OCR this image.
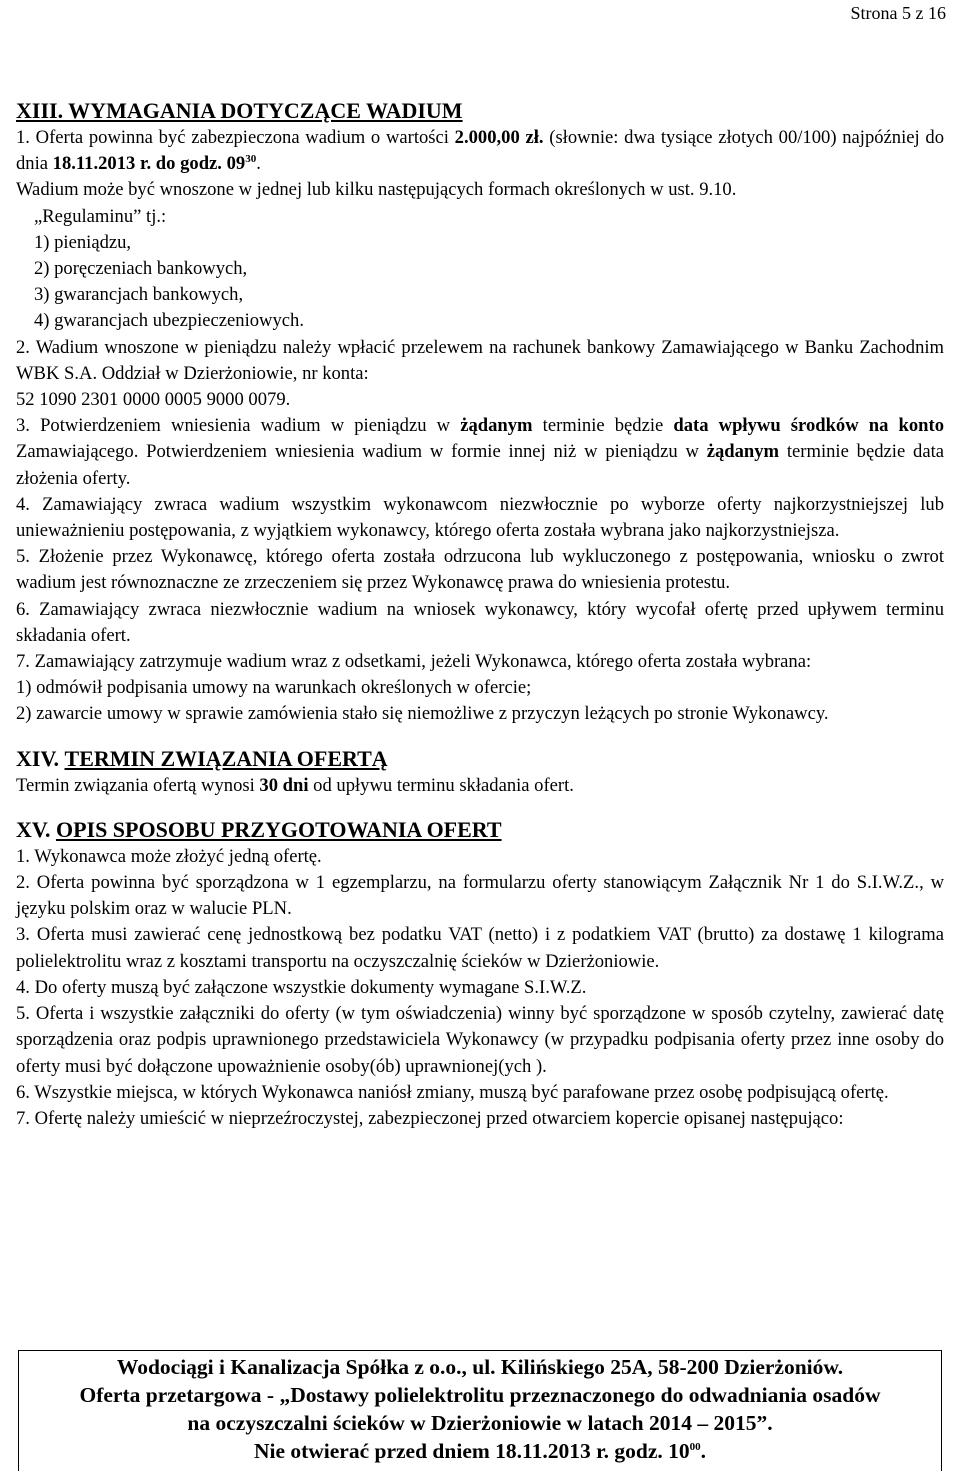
Strona 5 z 16

XIII. WYMAGANIA DOTYCZĄCE WADIUM

1. Oferta powinna być zabezpieczona wadium o wartości 2.000,00 zł. (słownie: dwa tysiące złotych 00/100) najpóźniej do dnia 18.11.2013 r. do godz. $09^{30}$.

Wadium może być wnoszone w jednej lub kilku następujących formach określonych w ust. 9.10.

„Regulaminu” tj.:

1) pieniądzu,

2) poręczeniach bankowych,

3) gwarancjach bankowych,

4) gwarancjach ubezpieczeniowych.

2. Wadium wnoszone w pieniądzu należy wpłacić przelewem na rachunek bankowy Zamawiającego w Banku Zachodnim WBK S.A. Oddział w Dzierżoniowie, nr konta:

52 1090 2301 0000 0005 9000 0079.

3. Potwierdzeniem wniesienia wadium w pieniądzu w żądanym terminie będzie data wpływu środków na konto Zamawiającego. Potwierdzeniem wniesienia wadium w formie innej niż w pieniądzu w żądanym terminie będzie data złożenia oferty.

4. Zamawiający zwraca wadium wszystkim wykonawcom niezwłocznie po wyborze oferty najkorzystniejszej lub unieważnieniu postępowania, z wyjątkiem wykonawcy, którego oferta została wybrana jako najkorzystniejsza.

5. Złożenie przez Wykonawcę, którego oferta została odrzucona lub wykluczonego z postępowania, wniosku o zwrot wadium jest równoznaczne ze zrzeczeniem się przez Wykonawcę prawa do wniesienia protestu.

6. Zamawiający zwraca niezwłocznie wadium na wniosek wykonawcy, który wycofał ofertę przed upływem terminu składania ofert.

7. Zamawiający zatrzymuje wadium wraz z odsetkami, jeżeli Wykonawca, którego oferta została wybrana:

1) odmówił podpisania umowy na warunkach określonych w ofercie;

2) zawarcie umowy w sprawie zamówienia stało się niemożliwe z przyczyn leżących po stronie Wykonawcy.

XIV. TERMIN ZWIĄZANIA OFERTĄ

Termin związania ofertą wynosi 30 dni od upływu terminu składania ofert.

XV. OPIS SPOSOBU PRZYGOTOWANIA OFERT

1. Wykonawca może złożyć jedną ofertę.

2. Oferta powinna być sporządzona w 1 egzemplarzu, na formularzu oferty stanowiącym Załącznik Nr 1 do S.I.W.Z., w języku polskim oraz w walucie PLN.

3. Oferta musi zawierać cenę jednostkową bez podatku VAT (netto) i z podatkiem VAT (brutto) za dostawę 1 kilograma polielektrolitu wraz z kosztami transportu na oczyszczalnię ścieków w Dzierżoniowie.

4. Do oferty muszą być załączone wszystkie dokumenty wymagane S.I.W.Z.

5. Oferta i wszystkie załączniki do oferty (w tym oświadczenia) winny być sporządzone w sposób czytelny, zawierać datę sporządzenia oraz podpis uprawnionego przedstawiciela Wykonawcy (w przypadku podpisania oferty przez inne osoby do oferty musi być dołączone upoważnienie osoby(ób) uprawnionej(ych ).

6. Wszystkie miejsca, w których Wykonawca naniósł zmiany, muszą być parafowane przez osobę podpisującą ofertę.

7. Ofertę należy umieścić w nieprzeźroczystej, zabezpieczonej przed otwarciem kopercie opisanej następująco:

Wodociągi i Kanalizacja Spółka z o.o., ul. Kilińskiego 25A, 58-200 Dzierżoniów.

Oferta przetargowa - „Dostawy polielektrolitu przeznaczonego do odwadniania osadów

na oczyszczalni ścieków w Dzierżoniowie w latach 2014 – 2015”.

Nie otwierać przed dniem 18.11.2013 r. godz. $10^{00}$.
